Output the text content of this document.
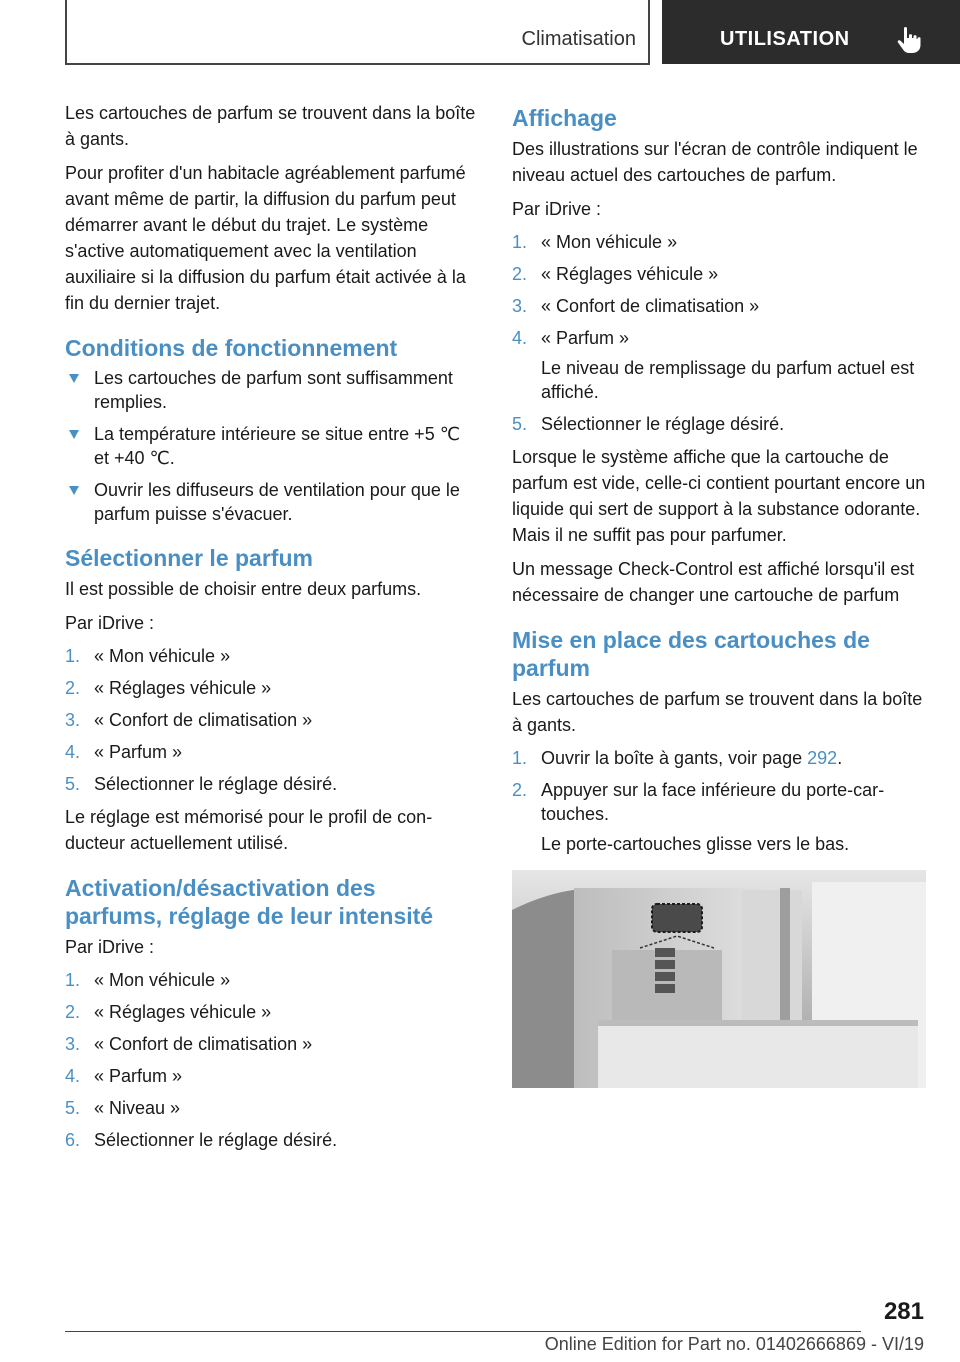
Climatisation	UTILISATION

Les cartouches de parfum se trouvent dans la boîte à gants.

Pour profiter d'un habitacle agréablement parfumé avant même de partir, la diffusion du parfum peut démarrer avant le début du trajet. Le système s'active automatiquement avec la ventilation auxiliaire si la diffusion du parfum était activée à la fin du dernier trajet.

Conditions de fonctionnement
Les cartouches de parfum sont suffisamment remplies.
La température intérieure se situe entre +5 ℃ et +40 ℃.
Ouvrir les diffuseurs de ventilation pour que le parfum puisse s'évacuer.
Sélectionner le parfum

Il est possible de choisir entre deux parfums.

Par iDrive :

1. « Mon véhicule »
2. « Réglages véhicule »
3. « Confort de climatisation »
4. « Parfum »
5. Sélectionner le réglage désiré.

Le réglage est mémorisé pour le profil de conducteur actuellement utilisé.

Activation/désactivation des parfums, réglage de leur intensité

Par iDrive :

1. « Mon véhicule »
2. « Réglages véhicule »
3. « Confort de climatisation »
4. « Parfum »
5. « Niveau »
6. Sélectionner le réglage désiré.
Affichage

Des illustrations sur l'écran de contrôle indiquent le niveau actuel des cartouches de parfum.

Par iDrive :

1. « Mon véhicule »
2. « Réglages véhicule »
3. « Confort de climatisation »
4. « Parfum »
Le niveau de remplissage du parfum actuel est affiché.
5. Sélectionner le réglage désiré.

Lorsque le système affiche que la cartouche de parfum est vide, celle-ci contient pourtant encore un liquide qui sert de support à la substance odorante. Mais il ne suffit pas pour parfumer.

Un message Check-Control est affiché lorsqu'il est nécessaire de changer une cartouche de parfum

Mise en place des cartouches de parfum

Les cartouches de parfum se trouvent dans la boîte à gants.

1. Ouvrir la boîte à gants, voir page 292.
2. Appuyer sur la face inférieure du porte-cartouches.
Le porte-cartouches glisse vers le bas.
281
Online Edition for Part no. 01402666869 - VI/19
